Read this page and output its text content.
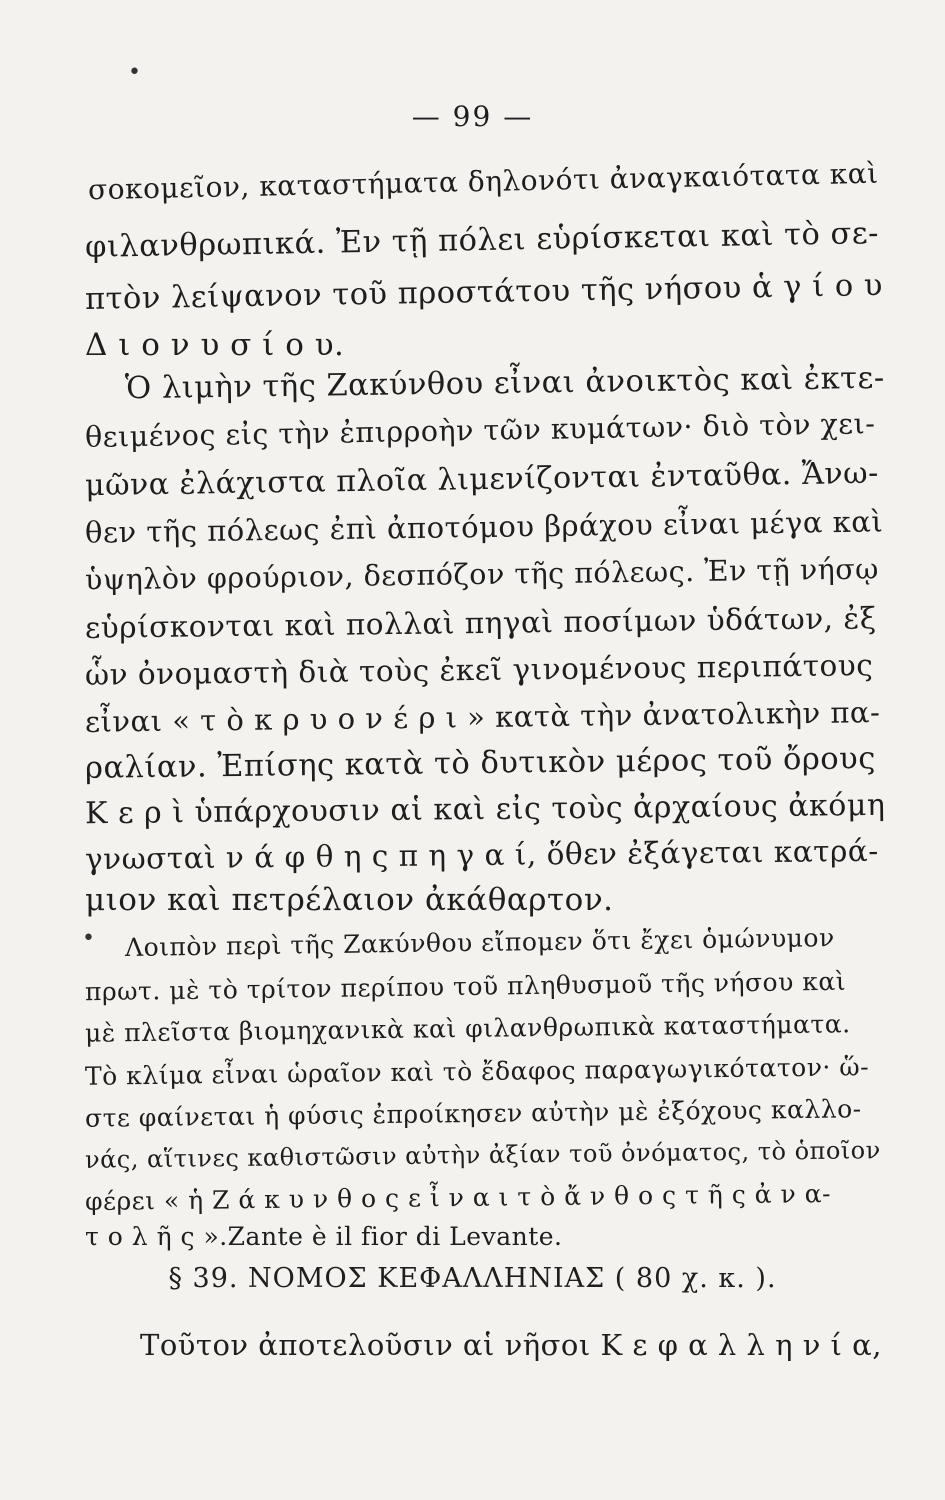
•
•
— 99 —
σοκομεῖον, καταστήματα δηλονότι ἀναγκαιότατα καὶ
φιλανθρωπικά. Ἐν τῇ πόλει εὑρίσκεται καὶ τὸ σε-
πτὸν λείψανον τοῦ προστάτου τῆς νήσου ἁ γ ί ο υ
Δ ι ο ν υ σ ί ο υ.
Ὁ λιμὴν τῆς Ζακύνθου εἶναι ἀνοικτὸς καὶ ἐκτε-
θειμένος εἰς τὴν ἐπιρροὴν τῶν κυμάτων· διὸ τὸν χει-
μῶνα ἐλάχιστα πλοῖα λιμενίζονται ἐνταῦθα. Ἄνω-
θεν τῆς πόλεως ἐπὶ ἀποτόμου βράχου εἶναι μέγα καὶ
ὑψηλὸν φρούριον, δεσπόζον τῆς πόλεως. Ἐν τῇ νήσῳ
εὑρίσκονται καὶ πολλαὶ πηγαὶ ποσίμων ὑδάτων, ἐξ
ὧν ὀνομαστὴ διὰ τοὺς ἐκεῖ γινομένους περιπάτους
εἶναι « τ ὸ κ ρ υ ο ν έ ρ ι » κατὰ τὴν ἀνατολικὴν πα-
ραλίαν. Ἐπίσης κατὰ τὸ δυτικὸν μέρος τοῦ ὄρους
Κ ε ρ ὶ ὑπάρχουσιν αἱ καὶ εἰς τοὺς ἀρχαίους ἀκόμη
γνωσταὶ ν ά φ θ η ς π η γ α ί, ὅθεν ἐξάγεται κατρά-
μιον καὶ πετρέλαιον ἀκάθαρτον.
Λοιπὸν περὶ τῆς Ζακύνθου εἴπομεν ὅτι ἔχει ὁμώνυμον
πρωτ. μὲ τὸ τρίτον περίπου τοῦ πληθυσμοῦ τῆς νήσου καὶ
μὲ πλεῖστα βιομηχανικὰ καὶ φιλανθρωπικὰ καταστήματα.
Τὸ κλίμα εἶναι ὡραῖον καὶ τὸ ἔδαφος παραγωγικότατον· ὥ-
στε φαίνεται ἡ φύσις ἐπροίκησεν αὐτὴν μὲ ἐξόχους καλλο-
νάς, αἵτινες καθιστῶσιν αὐτὴν ἀξίαν τοῦ ὀνόματος, τὸ ὁποῖον
φέρει « ἡ Ζ ά κ υ ν θ ο ς ε ἶ ν α ι τ ὸ ἄ ν θ ο ς τ ῆ ς ἀ ν α-
τ ο λ ῆ ς ».Zante è il fior di Levante.
§ 39. ΝΟΜΟΣ ΚΕΦΑΛΛΗΝΙΑΣ ( 80 χ. κ. ).
Τοῦτον ἀποτελοῦσιν αἱ νῆσοι Κ ε φ α λ λ η ν ί α,
